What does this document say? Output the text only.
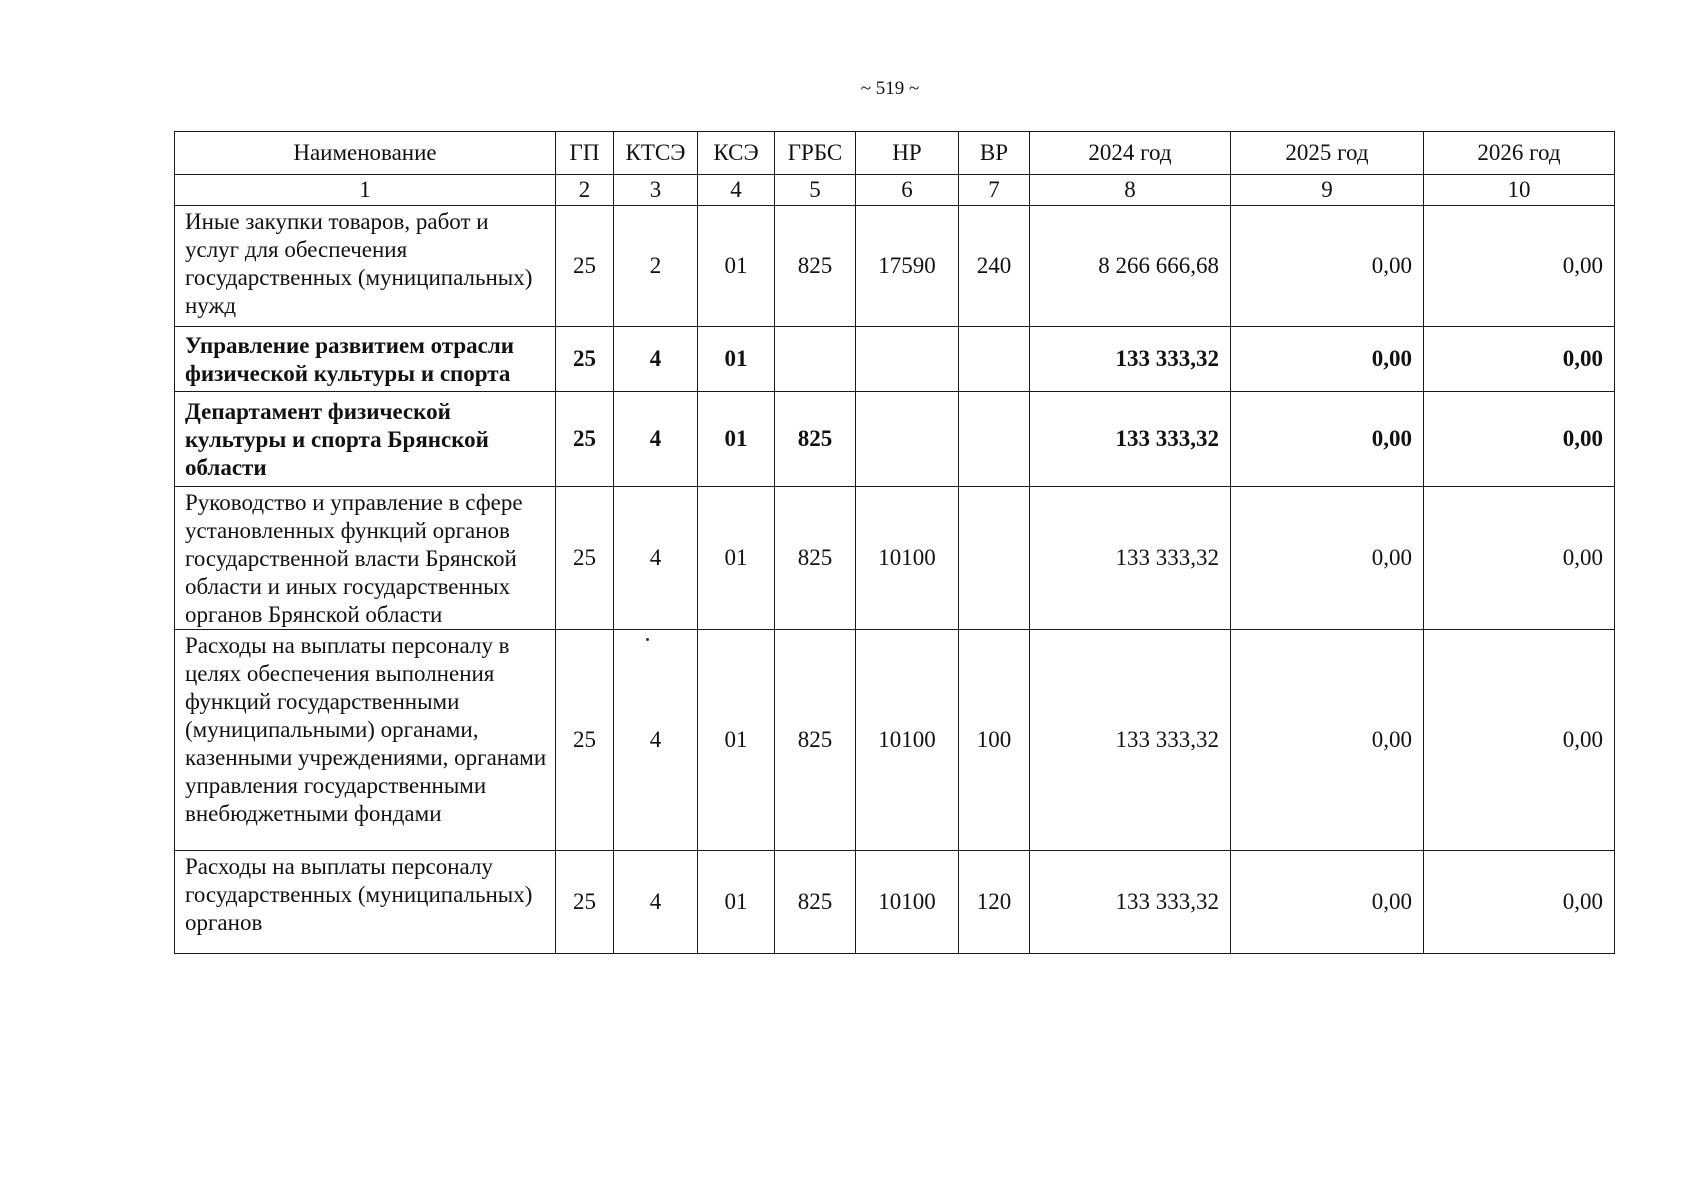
~ 519 ~
Наименование	ГП	КТСЭ	КСЭ	ГРБС	НР	ВР	2024 год	2025 год	2026 год
1	2	3	4	5	6	7	8	9	10
Иные закупки товаров, работ и услуг для обеспечения государственных (муниципальных) нужд	25	2	01	825	17590	240	8 266 666,68	0,00	0,00
Управление развитием отрасли физической культуры и спорта	25	4	01				133 333,32	0,00	0,00
Департамент физической культуры и спорта Брянской области	25	4	01	825			133 333,32	0,00	0,00
Руководство и управление в сфере установленных функций органов государственной власти Брянской области и иных государственных органов Брянской области	25	4	01	825	10100		133 333,32	0,00	0,00
Расходы на выплаты персоналу в целях обеспечения выполнения функций государственными (муниципальными) органами, казенными учреждениями, органами управления государственными внебюджетными фондами	25	4	01	825	10100	100	133 333,32	0,00	0,00
Расходы на выплаты персоналу государственных (муниципальных) органов	25	4	01	825	10100	120	133 333,32	0,00	0,00
